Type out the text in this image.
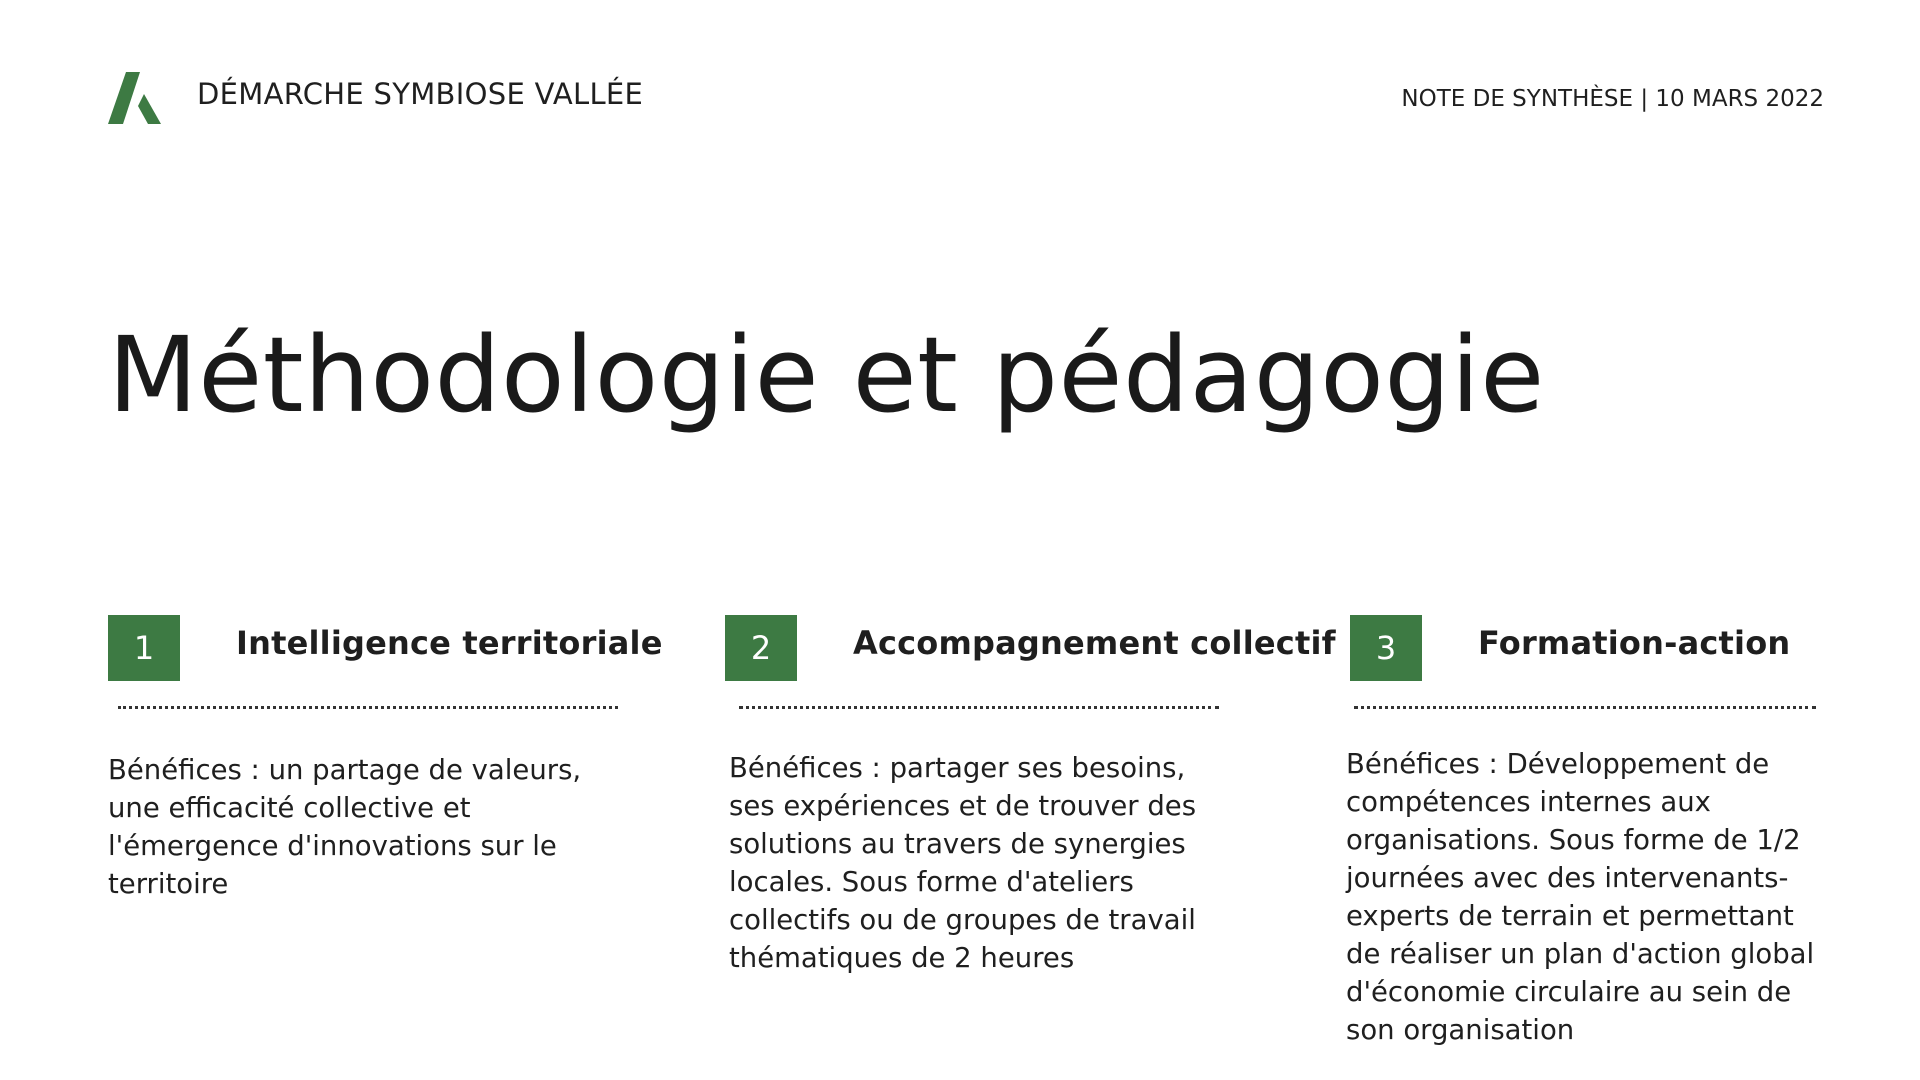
DÉMARCHE SYMBIOSE VALLÉE	NOTE DE SYNTHÈSE | 10 MARS 2022
Méthodologie et pédagogie
1	Intelligence territoriale

Bénéfices : un partage de valeurs, une efficacité collective et l'émergence d'innovations sur le territoire

2	Accompagnement collectif

Bénéfices : partager ses besoins, ses expériences et de trouver des solutions au travers de synergies locales. Sous forme d'ateliers collectifs ou de groupes de travail thématiques de 2 heures

3	Formation-action

Bénéfices : Développement de compétences internes aux organisations. Sous forme de 1/2 journées avec des intervenants-experts de terrain et permettant de réaliser un plan d'action global d'économie circulaire au sein de son organisation
